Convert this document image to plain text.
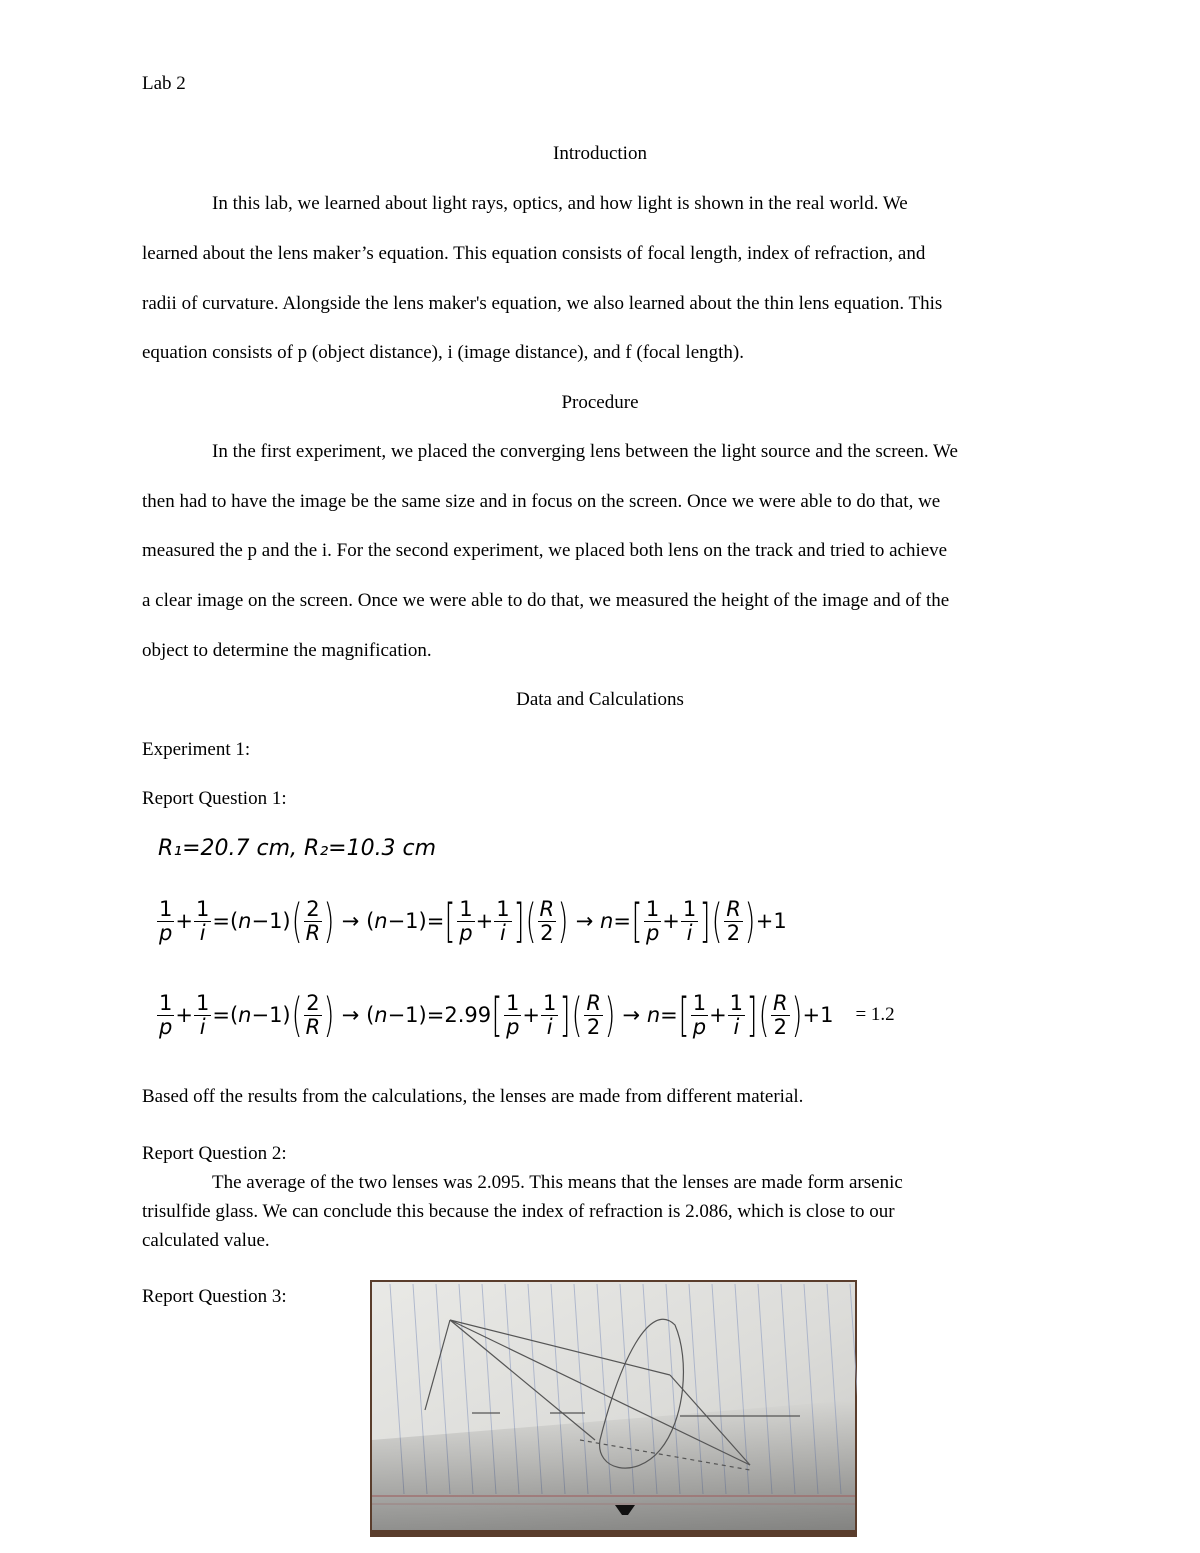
Lab 2
Introduction
In this lab, we learned about light rays, optics, and how light is shown in the real world. We
learned about the lens maker’s equation. This equation consists of focal length, index of refraction, and
radii of curvature. Alongside the lens maker's equation, we also learned about the thin lens equation. This
equation consists of p (object distance), i (image distance), and f (focal length).
Procedure
In the first experiment, we placed the converging lens between the light source and the screen. We
then had to have the image be the same size and in focus on the screen. Once we were able to do that, we
measured the p and the i. For the second experiment, we placed both lens on the track and tried to achieve
a clear image on the screen. Once we were able to do that, we measured the height of the image and of the
object to determine the magnification.
Data and Calculations
Experiment 1:
Report Question 1:
R₁=20.7 cm, R₂=10.3 cm
$\frac{1}{p} + \frac{1}{i} =(n-1)$ ( $\frac{2}{R}$ ) → (n−1)= [ $\frac{1}{p} + \frac{1}{i}$ ] ( $\frac{R}{2}$ ) → n= [ $\frac{1}{p} + \frac{1}{i}$ ] ( $\frac{R}{2}$ ) +1
$\frac{1}{p} + \frac{1}{i} =(n-1)$ ( $\frac{2}{R}$ ) → (n−1)= 2.99 [ $\frac{1}{p} + \frac{1}{i}$ ] ( $\frac{R}{2}$ ) → n= [ $\frac{1}{p} + \frac{1}{i}$ ] ( $\frac{R}{2}$ ) +1 = 1.2
Based off the results from the calculations, the lenses are made from different material.
Report Question 2:
The average of the two lenses was 2.095. This means that the lenses are made form arsenic
trisulfide glass. We can conclude this because the index of refraction is 2.086, which is close to our
calculated value.
Report Question 3:
